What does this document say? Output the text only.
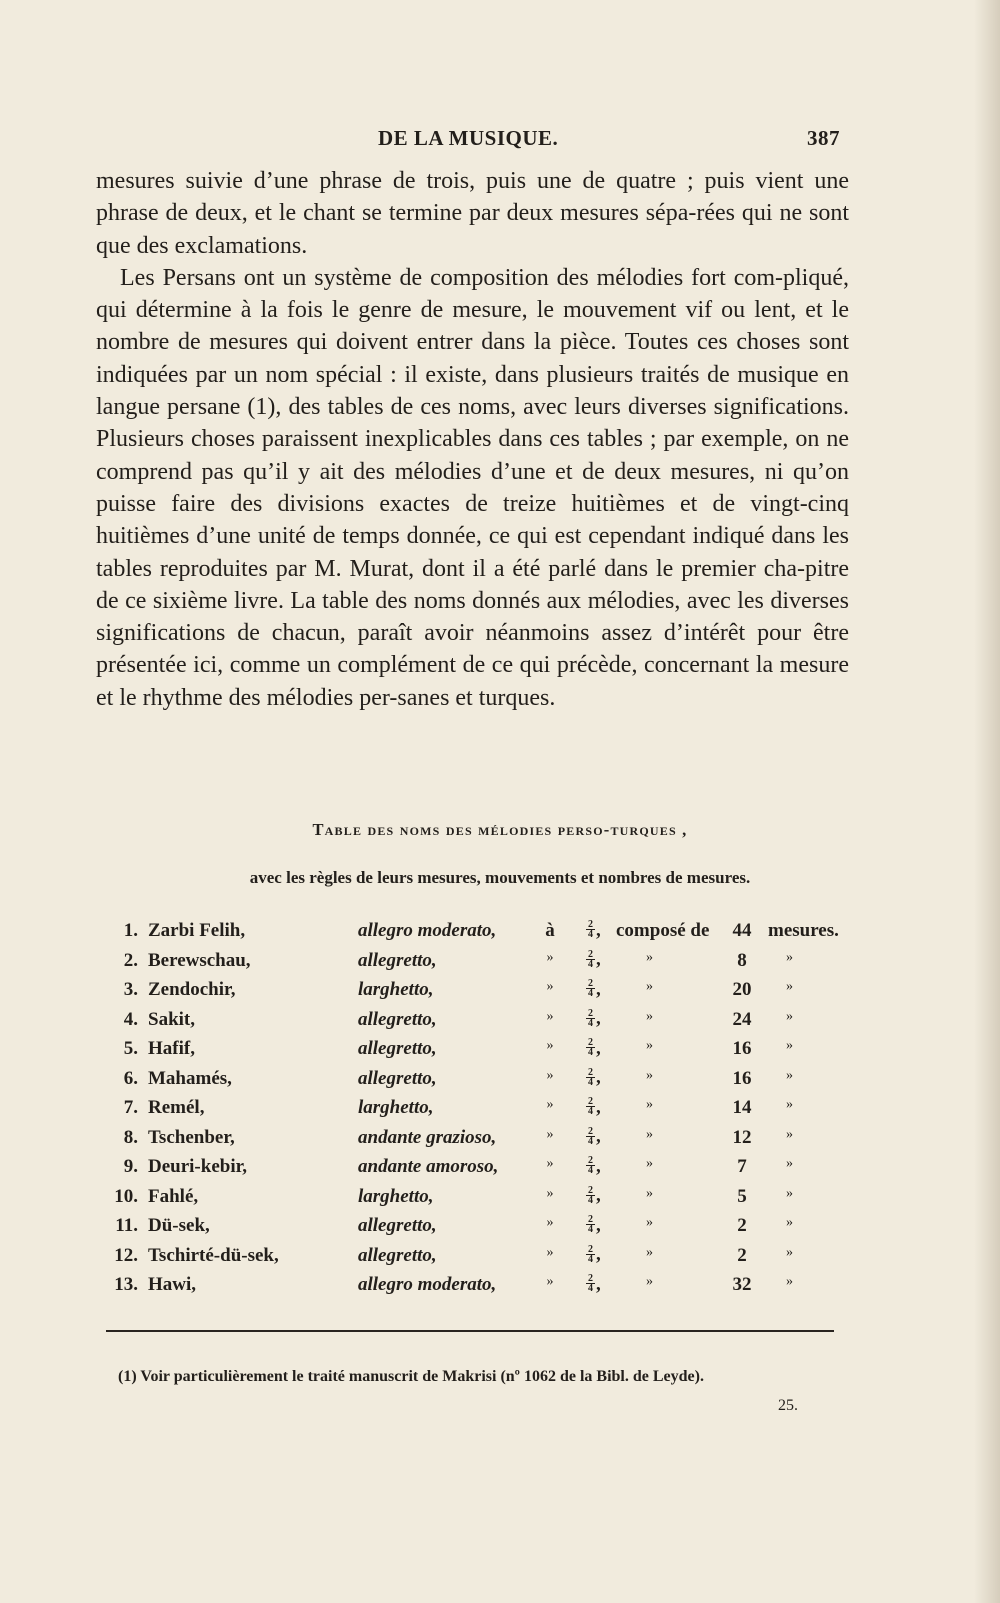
DE LA MUSIQUE.	387

mesures suivie d’une phrase de trois, puis une de quatre ; puis vient une phrase de deux, et le chant se termine par deux mesures sépa-rées qui ne sont que des exclamations.

Les Persans ont un système de composition des mélodies fort com-pliqué, qui détermine à la fois le genre de mesure, le mouvement vif ou lent, et le nombre de mesures qui doivent entrer dans la pièce. Toutes ces choses sont indiquées par un nom spécial : il existe, dans plusieurs traités de musique en langue persane (1), des tables de ces noms, avec leurs diverses significations. Plusieurs choses paraissent inexplicables dans ces tables ; par exemple, on ne comprend pas qu’il y ait des mélodies d’une et de deux mesures, ni qu’on puisse faire des divisions exactes de treize huitièmes et de vingt-cinq huitièmes d’une unité de temps donnée, ce qui est cependant indiqué dans les tables reproduites par M. Murat, dont il a été parlé dans le premier cha-pitre de ce sixième livre. La table des noms donnés aux mélodies, avec les diverses significations de chacun, paraît avoir néanmoins assez d’intérêt pour être présentée ici, comme un complément de ce qui précède, concernant la mesure et le rhythme des mélodies per-sanes et turques.

Table des noms des mélodies perso-turques ,
avec les règles de leurs mesures, mouvements et nombres de mesures.
1. Zarbi Felih,	allegro moderato,	à	$\frac{2}{4}$ , composé de	44 mesures.
2. Berewschau,	allegretto,	»	$\frac{2}{4}$ ,	»	8	»
3. Zendochir,	larghetto,	»	$\frac{2}{4}$ ,	»	20	»
4. Sakit,	allegretto,	»	$\frac{2}{4}$ ,	»	24	»
5. Hafif,	allegretto,	»	$\frac{2}{4}$ ,	»	16	»
6. Mahamés,	allegretto,	»	$\frac{2}{4}$ ,	»	16	»
7. Remél,	larghetto,	»	$\frac{2}{4}$ ,	»	14	»
8. Tschenber,	andante grazioso,	»	$\frac{2}{4}$ ,	»	12	»
9. Deuri-kebir,	andante amoroso,	»	$\frac{2}{4}$ ,	»	7	»
10. Fahlé,	larghetto,	»	$\frac{2}{4}$ ,	»	5	»
11. Dü-sek,	allegretto,	»	$\frac{2}{4}$ ,	»	2	»
12. Tschirté-dü-sek,	allegretto,	»	$\frac{2}{4}$ ,	»	2	»
13. Hawi,	allegro moderato,	»	$\frac{2}{4}$ ,	»	32	»
(1) Voir particulièrement le traité manuscrit de Makrisi (nº 1062 de la Bibl. de Leyde).
25.
